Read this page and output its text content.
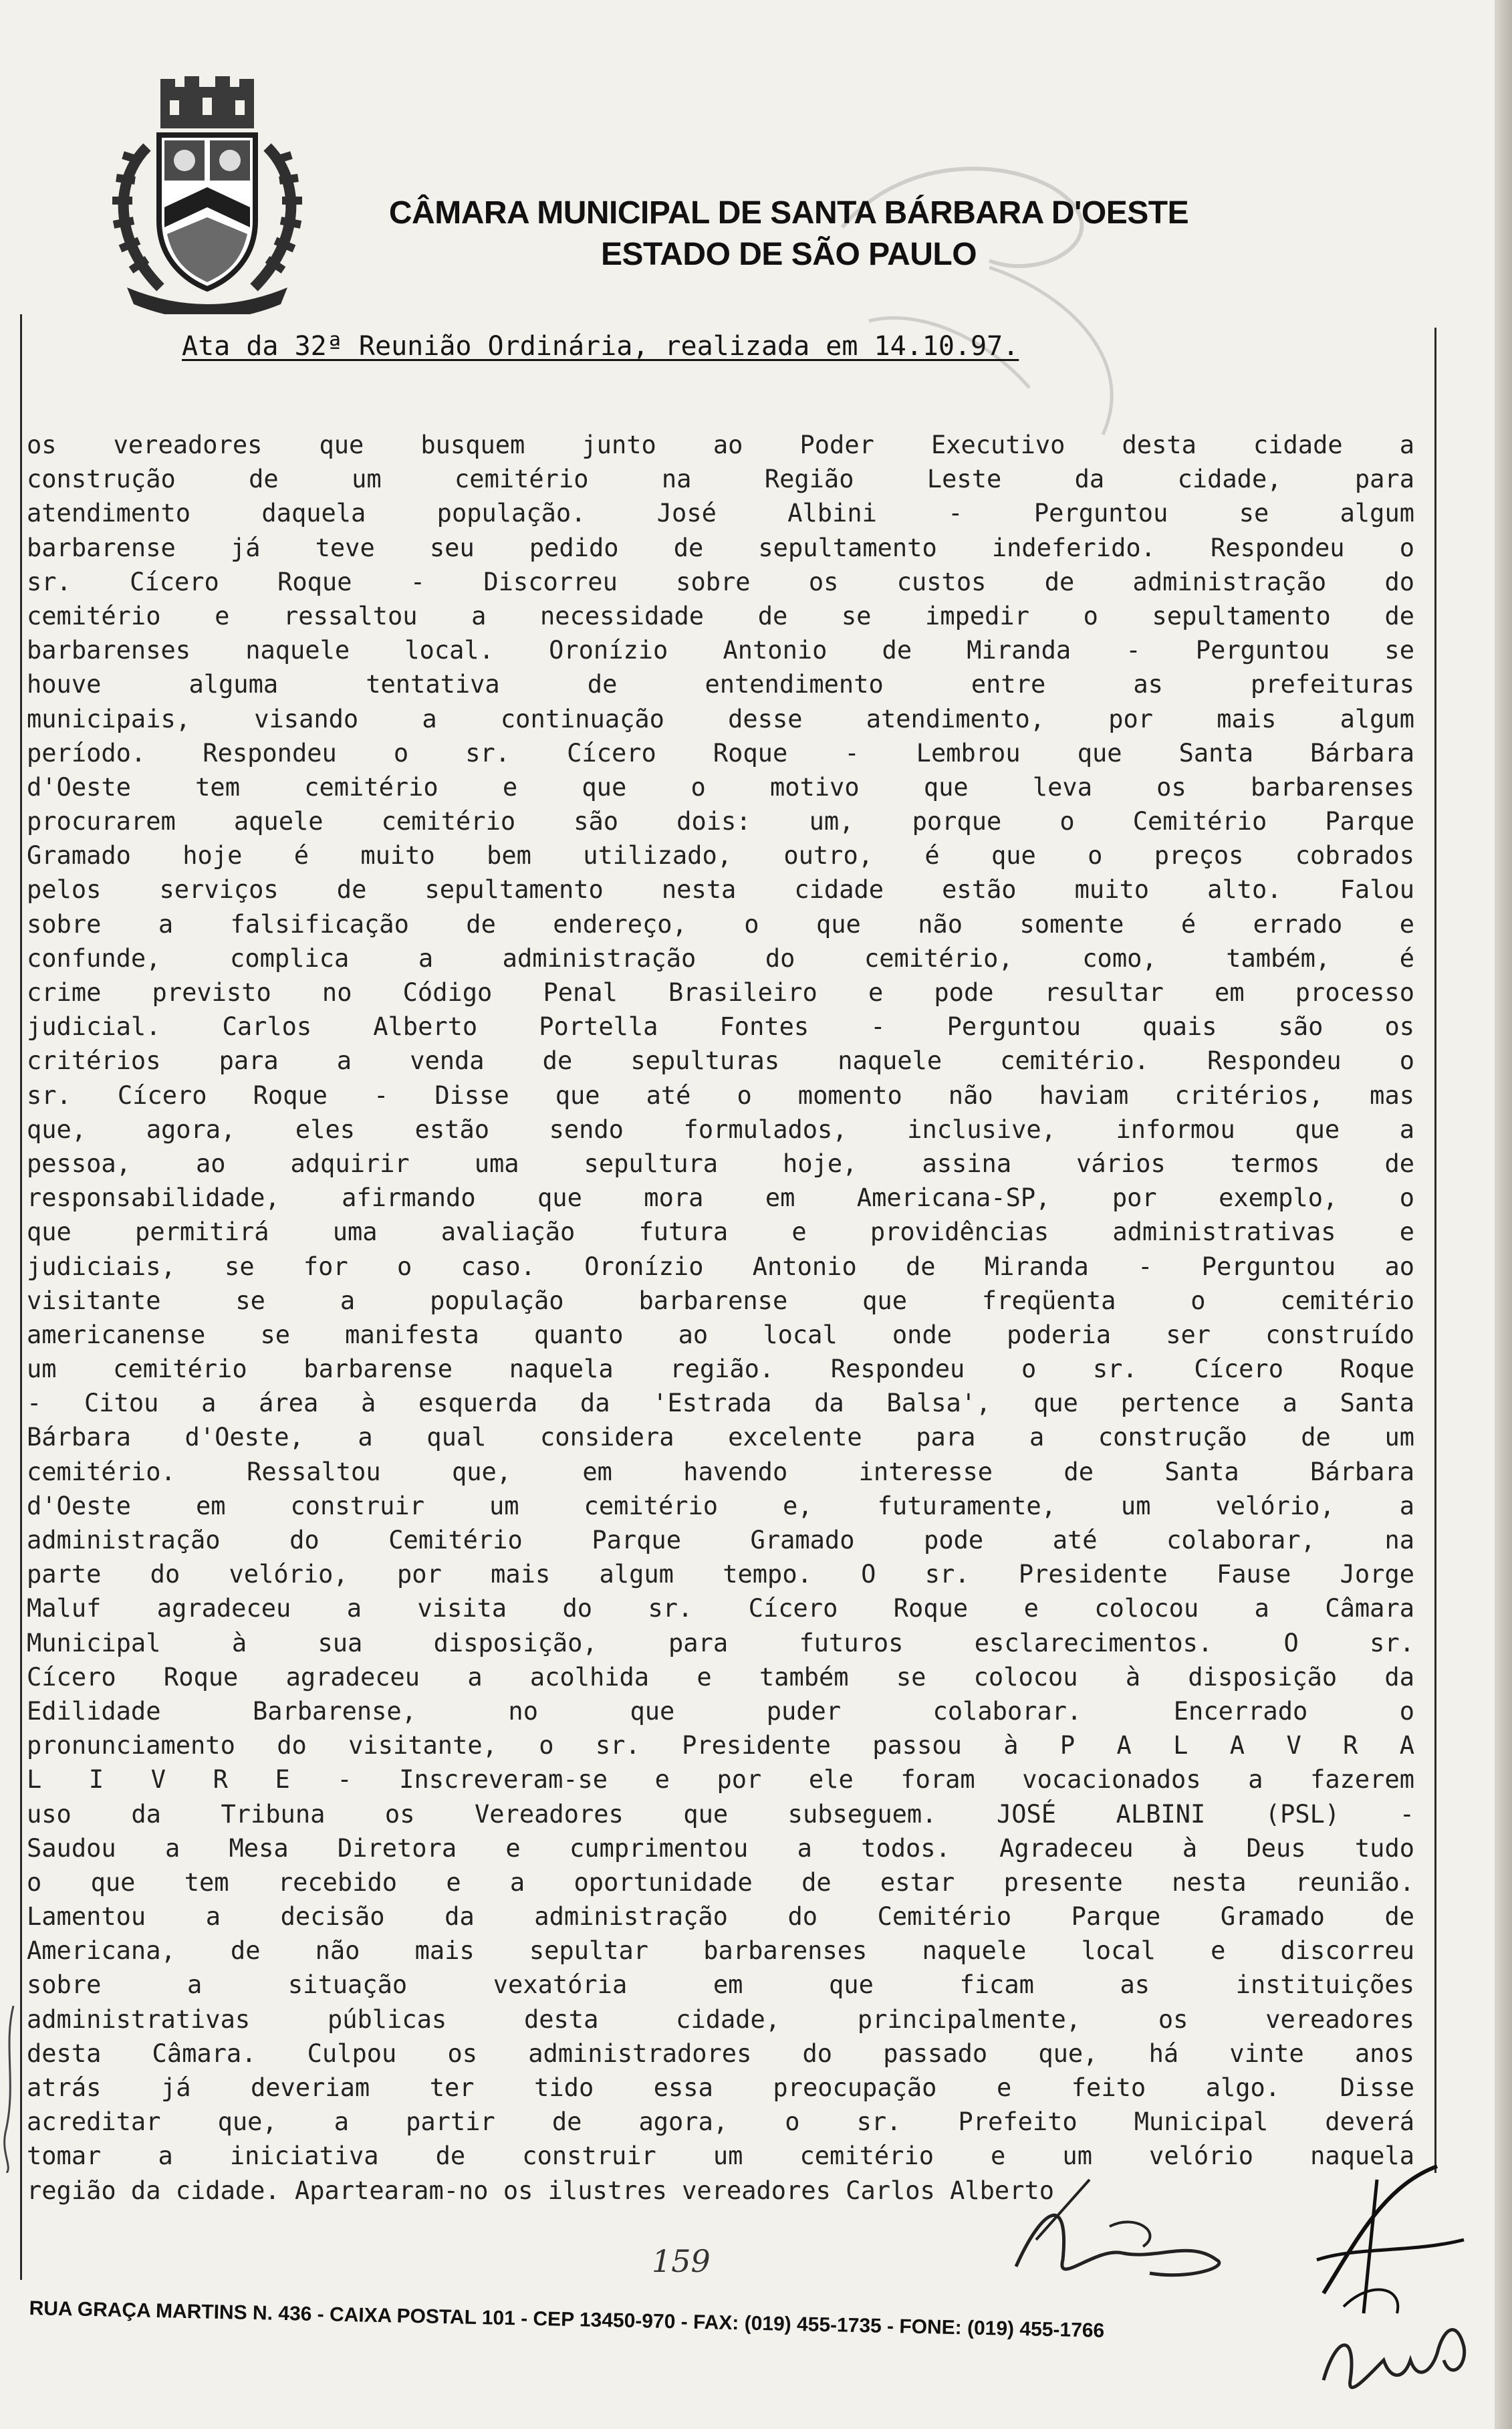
CÂMARA MUNICIPAL DE SANTA BÁRBARA D'OESTE
ESTADO DE SÃO PAULO
Ata da 32ª Reunião Ordinária, realizada em 14.10.97.
os vereadores que busquem junto ao Poder Executivo desta cidade a
construção de um cemitério na Região Leste da cidade, para
atendimento daquela população. José Albini - Perguntou se algum
barbarense já teve seu pedido de sepultamento indeferido. Respondeu o
sr. Cícero Roque - Discorreu sobre os custos de administração do
cemitério e ressaltou a necessidade de se impedir o sepultamento de
barbarenses naquele local. Oronízio Antonio de Miranda - Perguntou se
houve alguma tentativa de entendimento entre as prefeituras
municipais, visando a continuação desse atendimento, por mais algum
período. Respondeu o sr. Cícero Roque - Lembrou que Santa Bárbara
d'Oeste tem cemitério e que o motivo que leva os barbarenses
procurarem aquele cemitério são dois: um, porque o Cemitério Parque
Gramado hoje é muito bem utilizado, outro, é que o preços cobrados
pelos serviços de sepultamento nesta cidade estão muito alto. Falou
sobre a falsificação de endereço, o que não somente é errado e
confunde, complica a administração do cemitério, como, também, é
crime previsto no Código Penal Brasileiro e pode resultar em processo
judicial. Carlos Alberto Portella Fontes - Perguntou quais são os
critérios para a venda de sepulturas naquele cemitério. Respondeu o
sr. Cícero Roque - Disse que até o momento não haviam critérios, mas
que, agora, eles estão sendo formulados, inclusive, informou que a
pessoa, ao adquirir uma sepultura hoje, assina vários termos de
responsabilidade, afirmando que mora em Americana-SP, por exemplo, o
que permitirá uma avaliação futura e providências administrativas e
judiciais, se for o caso. Oronízio Antonio de Miranda - Perguntou ao
visitante se a população barbarense que freqüenta o cemitério
americanense se manifesta quanto ao local onde poderia ser construído
um cemitério barbarense naquela região. Respondeu o sr. Cícero Roque
- Citou a área à esquerda da 'Estrada da Balsa', que pertence a Santa
Bárbara d'Oeste, a qual considera excelente para a construção de um
cemitério. Ressaltou que, em havendo interesse de Santa Bárbara
d'Oeste em construir um cemitério e, futuramente, um velório, a
administração do Cemitério Parque Gramado pode até colaborar, na
parte do velório, por mais algum tempo. O sr. Presidente Fause Jorge
Maluf agradeceu a visita do sr. Cícero Roque e colocou a Câmara
Municipal à sua disposição, para futuros esclarecimentos. O sr.
Cícero Roque agradeceu a acolhida e também se colocou à disposição da
Edilidade Barbarense, no que puder colaborar. Encerrado o
pronunciamento do visitante, o sr. Presidente passou à P A L A V R A
L I V R E - Inscreveram-se e por ele foram vocacionados a fazerem
uso da Tribuna os Vereadores que subseguem. JOSÉ ALBINI (PSL) -
Saudou a Mesa Diretora e cumprimentou a todos. Agradeceu à Deus tudo
o que tem recebido e a oportunidade de estar presente nesta reunião.
Lamentou a decisão da administração do Cemitério Parque Gramado de
Americana, de não mais sepultar barbarenses naquele local e discorreu
sobre a situação vexatória em que ficam as instituições
administrativas públicas desta cidade, principalmente, os vereadores
desta Câmara. Culpou os administradores do passado que, há vinte anos
atrás já deveriam ter tido essa preocupação e feito algo. Disse
acreditar que, a partir de agora, o sr. Prefeito Municipal deverá
tomar a iniciativa de construir um cemitério e um velório naquela
região da cidade. Apartearam-no os ilustres vereadores Carlos Alberto
159
RUA GRAÇA MARTINS N. 436 - CAIXA POSTAL 101 - CEP 13450-970 - FAX: (019) 455-1735 - FONE: (019) 455-1766
